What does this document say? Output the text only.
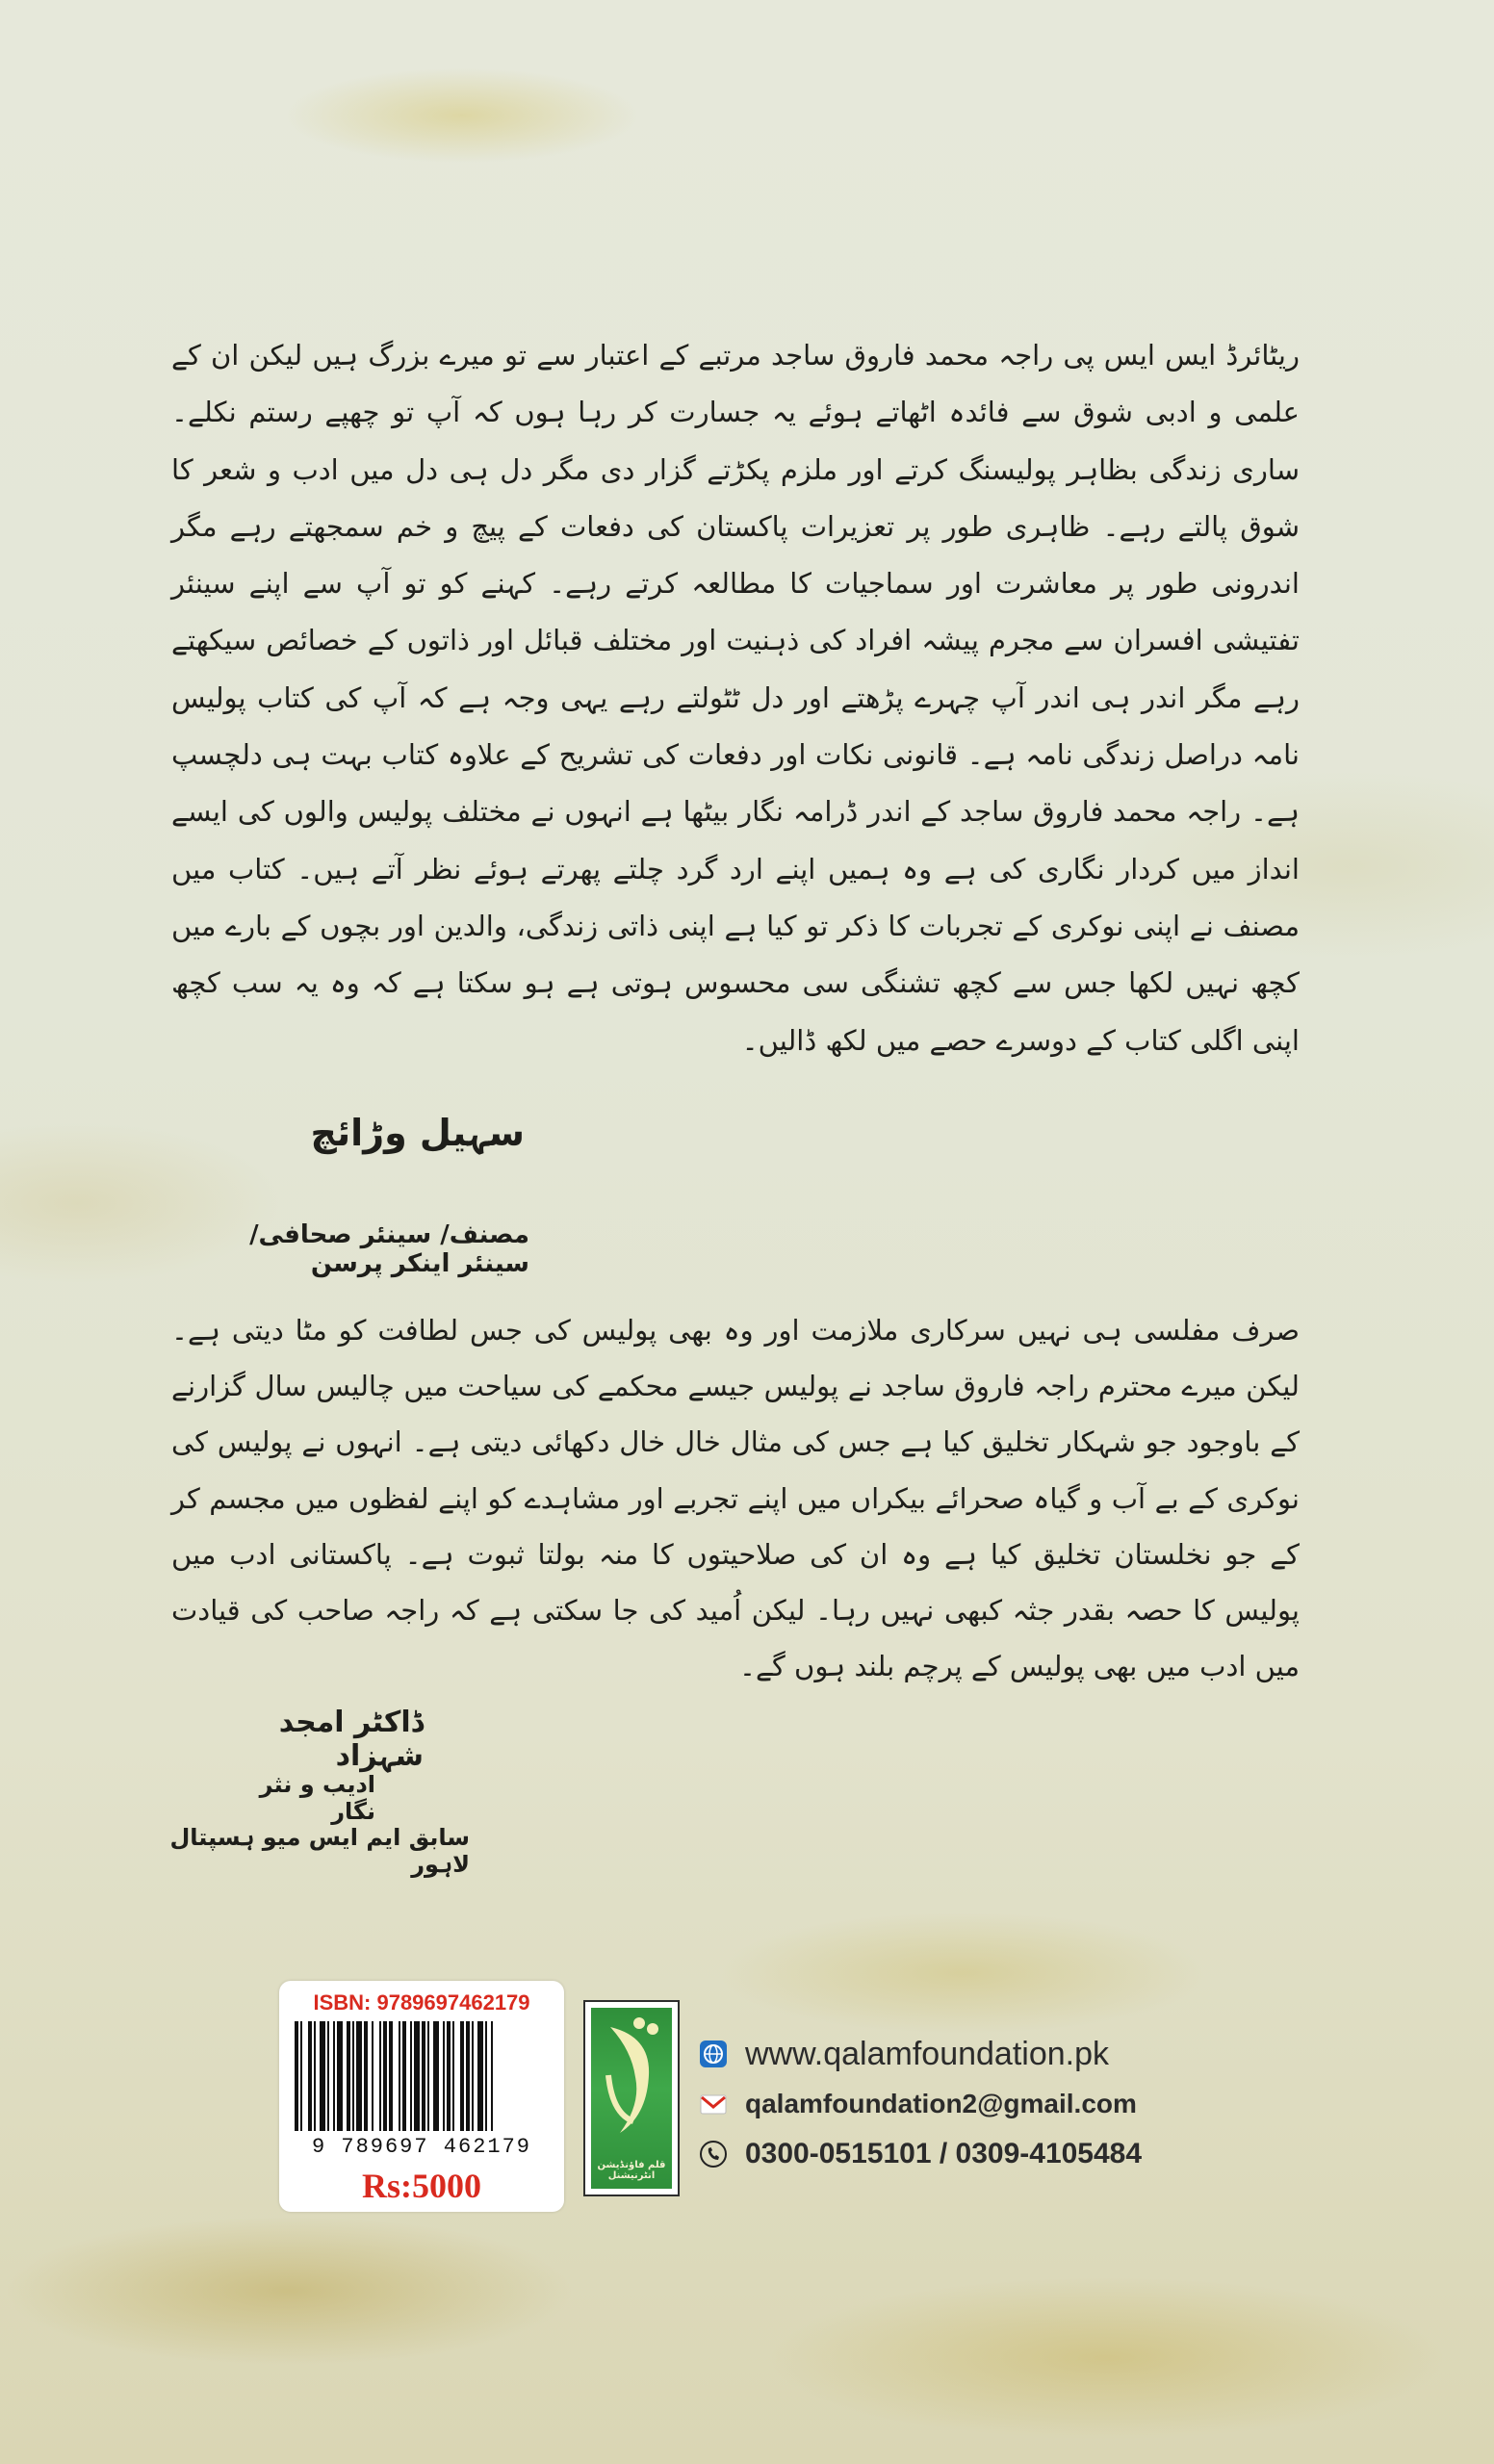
ریٹائرڈ ایس ایس پی راجہ محمد فاروق ساجد مرتبے کے اعتبار سے تو میرے بزرگ ہیں لیکن ان کے علمی و ادبی شوق سے فائدہ اٹھاتے ہوئے یہ جسارت کر رہا ہوں کہ آپ تو چھپے رستم نکلے۔ ساری زندگی بظاہر پولیسنگ کرتے اور ملزم پکڑتے گزار دی مگر دل ہی دل میں ادب و شعر کا شوق پالتے رہے۔ ظاہری طور پر تعزیرات پاکستان کی دفعات کے پیچ و خم سمجھتے رہے مگر اندرونی طور پر معاشرت اور سماجیات کا مطالعہ کرتے رہے۔ کہنے کو تو آپ سے اپنے سینئر تفتیشی افسران سے مجرم پیشہ افراد کی ذہنیت اور مختلف قبائل اور ذاتوں کے خصائص سیکھتے رہے مگر اندر ہی اندر آپ چہرے پڑھتے اور دل ٹٹولتے رہے یہی وجہ ہے کہ آپ کی کتاب پولیس نامہ دراصل زندگی نامہ ہے۔ قانونی نکات اور دفعات کی تشریح کے علاوہ کتاب بہت ہی دلچسپ ہے۔ راجہ محمد فاروق ساجد کے اندر ڈرامہ نگار بیٹھا ہے انہوں نے مختلف پولیس والوں کی ایسے انداز میں کردار نگاری کی ہے وہ ہمیں اپنے ارد گرد چلتے پھرتے ہوئے نظر آتے ہیں۔ کتاب میں مصنف نے اپنی نوکری کے تجربات کا ذکر تو کیا ہے اپنی ذاتی زندگی، والدین اور بچوں کے بارے میں کچھ نہیں لکھا جس سے کچھ تشنگی سی محسوس ہوتی ہے ہو سکتا ہے کہ وہ یہ سب کچھ اپنی اگلی کتاب کے دوسرے حصے میں لکھ ڈالیں۔
سہیل وڑائچ
مصنف/ سینئر صحافی/ سینئر اینکر پرسن
صرف مفلسی ہی نہیں سرکاری ملازمت اور وہ بھی پولیس کی جس لطافت کو مٹا دیتی ہے۔ لیکن میرے محترم راجہ فاروق ساجد نے پولیس جیسے محکمے کی سیاحت میں چالیس سال گزارنے کے باوجود جو شہکار تخلیق کیا ہے جس کی مثال خال خال دکھائی دیتی ہے۔ انہوں نے پولیس کی نوکری کے بے آب و گیاہ صحرائے بیکراں میں اپنے تجربے اور مشاہدے کو اپنے لفظوں میں مجسم کر کے جو نخلستان تخلیق کیا ہے وہ ان کی صلاحیتوں کا منہ بولتا ثبوت ہے۔ پاکستانی ادب میں پولیس کا حصہ بقدر جثہ کبھی نہیں رہا۔ لیکن اُمید کی جا سکتی ہے کہ راجہ صاحب کی قیادت میں ادب میں بھی پولیس کے پرچم بلند ہوں گے۔
ڈاکٹر امجد شہزاد
ادیب و نثر نگار
سابق ایم ایس میو ہسپتال لاہور
ISBN: 9789697462179
9 789697 462179
Rs:5000
قلم فاؤنڈیشن انٹرنیشنل
www.qalamfoundation.pk
qalamfoundation2@gmail.com
0300-0515101 / 0309-4105484
